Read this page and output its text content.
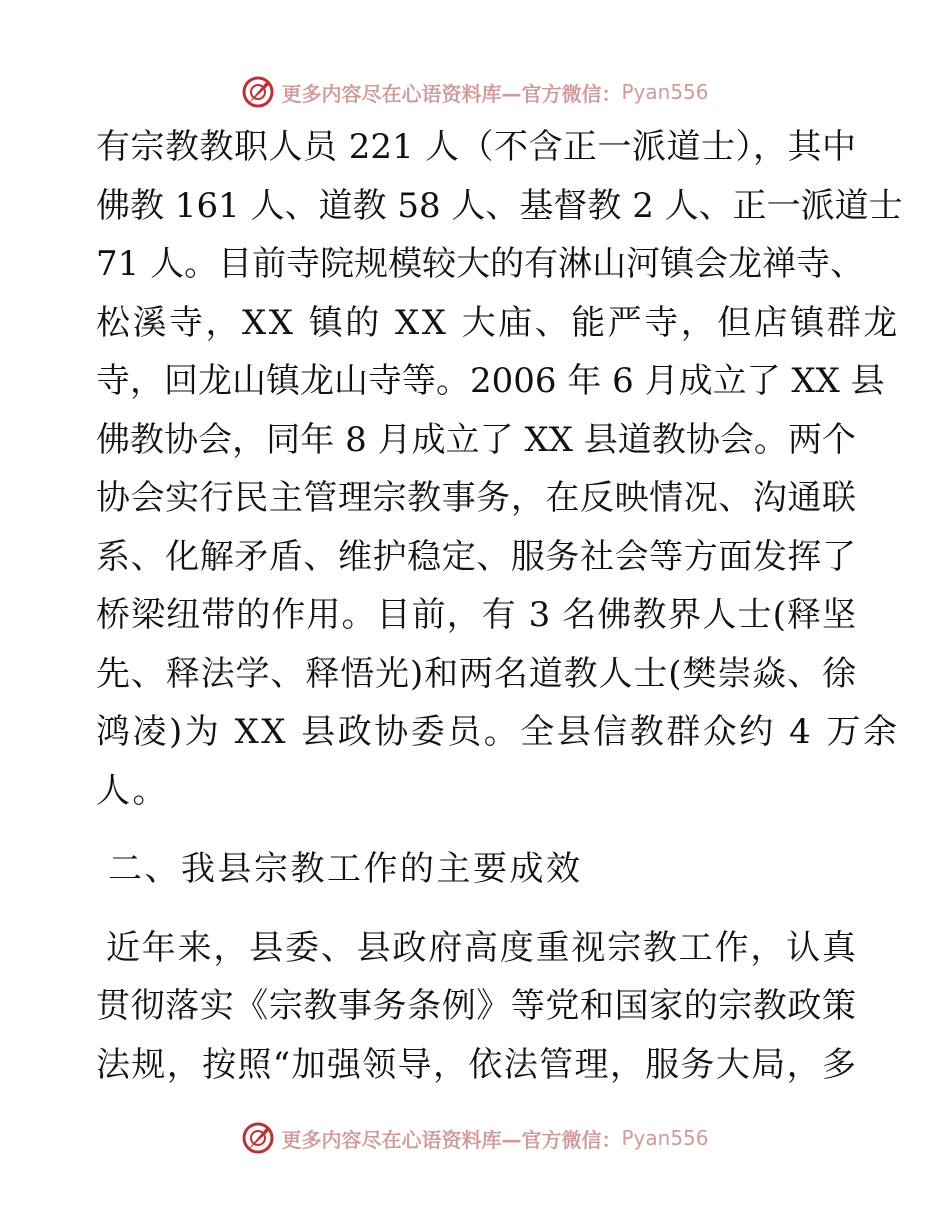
更多内容尽在心语资料库—官方微信： Pyan556
有宗教教职人员 221 人（不含正一派道士），其中
佛教 161 人、道教 58 人、基督教 2 人、正一派道士
71 人。目前寺院规模较大的有淋山河镇会龙禅寺、
松溪寺，XX 镇的 XX 大庙、能严寺，但店镇群龙
寺，回龙山镇龙山寺等。2006 年 6 月成立了 XX 县
佛教协会，同年 8 月成立了 XX 县道教协会。两个
协会实行民主管理宗教事务，在反映情况、沟通联
系、化解矛盾、维护稳定、服务社会等方面发挥了
桥梁纽带的作用。目前，有 3 名佛教界人士(释坚
先、释法学、释悟光)和两名道教人士(樊崇焱、徐
鸿凌)为 XX 县政协委员。全县信教群众约 4 万余
人。
二、我县宗教工作的主要成效
近年来，县委、县政府高度重视宗教工作，认真
贯彻落实《宗教事务条例》等党和国家的宗教政策
法规，按照“加强领导，依法管理，服务大局，多
更多内容尽在心语资料库—官方微信： Pyan556
